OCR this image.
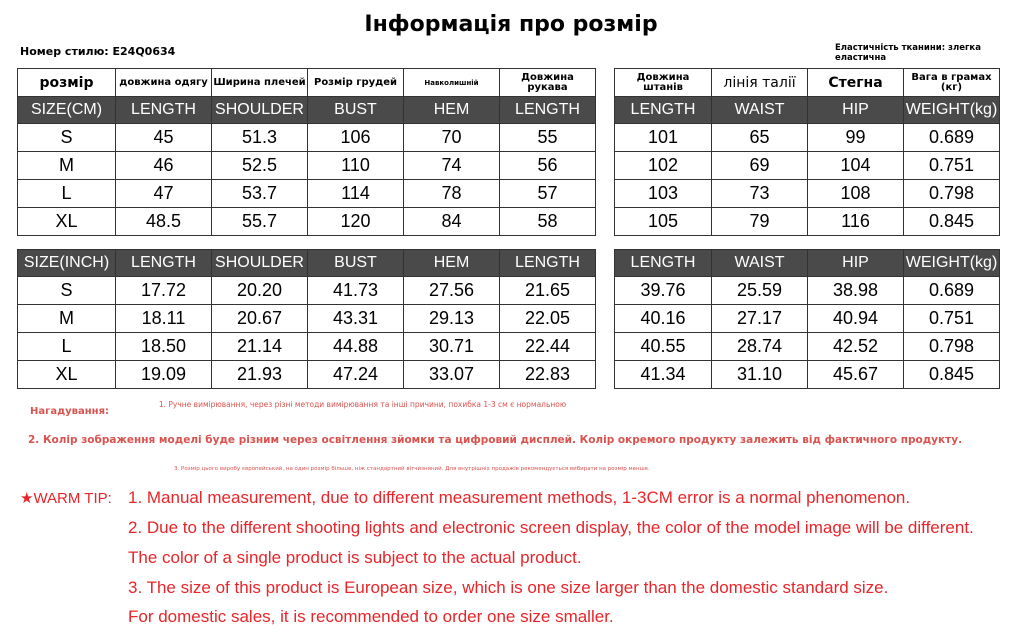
Інформація про розмір
Номер стилю: E24Q0634	Еластичність тканини: злегка еластична
розмір	довжина одягу	Ширина плечей	Розмір грудей	Навколишній	Довжина рукава
SIZE(CM)	LENGTH	SHOULDER	BUST	HEM	LENGTH
S	45	51.3	106	70	55
M	46	52.5	110	74	56
L	47	53.7	114	78	57
XL	48.5	55.7	120	84	58
Довжина штанів	лінія талії	Стегна	Вага в грамах (кг)
LENGTH	WAIST	HIP	WEIGHT(kg)
101	65	99	0.689
102	69	104	0.751
103	73	108	0.798
105	79	116	0.845
SIZE(INCH)	LENGTH	SHOULDER	BUST	HEM	LENGTH
S	17.72	20.20	41.73	27.56	21.65
M	18.11	20.67	43.31	29.13	22.05
L	18.50	21.14	44.88	30.71	22.44
XL	19.09	21.93	47.24	33.07	22.83
LENGTH	WAIST	HIP	WEIGHT(kg)
39.76	25.59	38.98	0.689
40.16	27.17	40.94	0.751
40.55	28.74	42.52	0.798
41.34	31.10	45.67	0.845
Нагадування:
1. Ручне вимірювання, через різні методи вимірювання та інші причини, похибка 1-3 см є нормальною
2. Колір зображення моделі буде різним через освітлення зйомки та цифровий дисплей. Колір окремого продукту залежить від фактичного продукту.
3. Розмір цього виробу європейський, на один розмір більше, ніж стандартний вітчизняний. Для внутрішніх продажів рекомендується вибирати на розмір менше.
★WARM TIP: 1. Manual measurement, due to different measurement methods, 1-3CM error is a normal phenomenon.
2. Due to the different shooting lights and electronic screen display, the color of the model image will be different.
The color of a single product is subject to the actual product.
3. The size of this product is European size, which is one size larger than the domestic standard size.
For domestic sales, it is recommended to order one size smaller.
